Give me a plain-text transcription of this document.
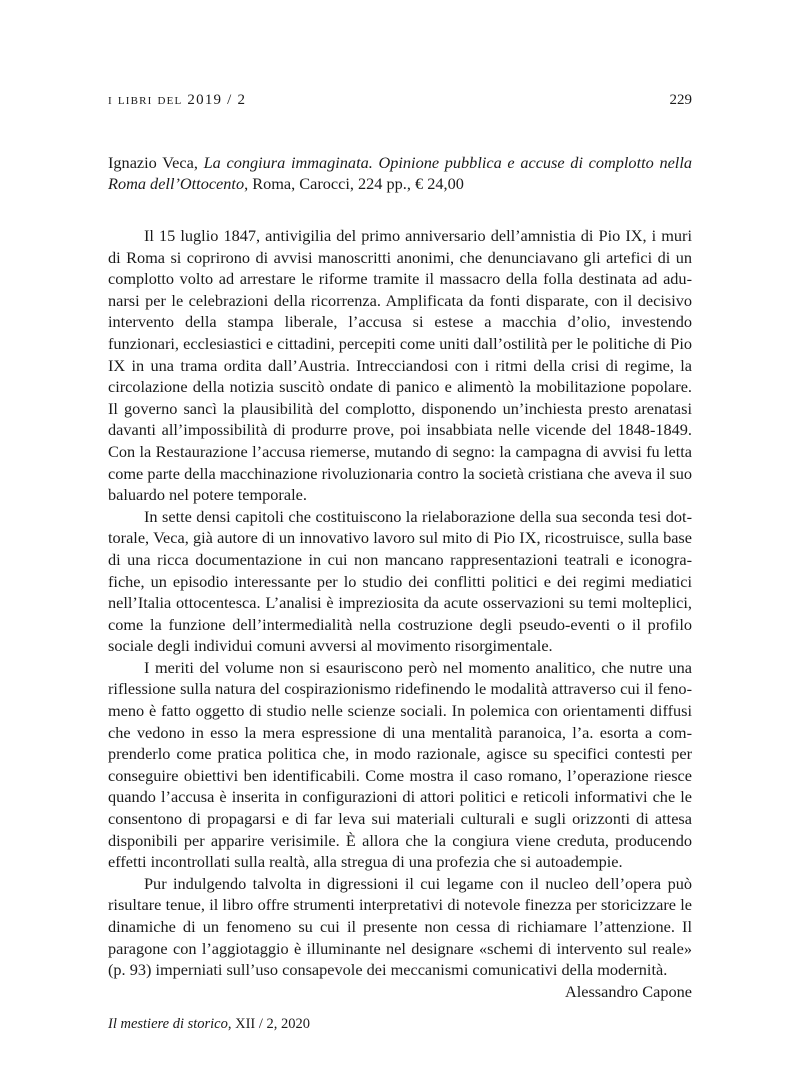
i libri del 2019 / 2	229
Ignazio Veca, La congiura immaginata. Opinione pubblica e accuse di complotto nella Roma dell’Ottocento, Roma, Carocci, 224 pp., € 24,00

Il 15 luglio 1847, antivigilia del primo anniversario dell’amnistia di Pio IX, i muri di Roma si coprirono di avvisi manoscritti anonimi, che denunciavano gli artefici di un complotto volto ad arrestare le riforme tramite il massacro della folla destinata ad adunarsi per le celebrazioni della ricorrenza. Amplificata da fonti disparate, con il decisivo intervento della stampa liberale, l’accusa si estese a macchia d’olio, investendo funzionari, ecclesiastici e cittadini, percepiti come uniti dall’ostilità per le politiche di Pio IX in una trama ordita dall’Austria. Intrecciandosi con i ritmi della crisi di regime, la circolazione della notizia suscitò ondate di panico e alimentò la mobilitazione popolare. Il governo sancì la plausibilità del complotto, disponendo un’inchiesta presto arenatasi davanti all’impossibilità di produrre prove, poi insabbiata nelle vicende del 1848-1849. Con la Restaurazione l’accusa riemerse, mutando di segno: la campagna di avvisi fu letta come parte della macchinazione rivoluzionaria contro la società cristiana che aveva il suo baluardo nel potere temporale.

In sette densi capitoli che costituiscono la rielaborazione della sua seconda tesi dottorale, Veca, già autore di un innovativo lavoro sul mito di Pio IX, ricostruisce, sulla base di una ricca documentazione in cui non mancano rappresentazioni teatrali e iconografiche, un episodio interessante per lo studio dei conflitti politici e dei regimi mediatici nell’Italia ottocentesca. L’analisi è impreziosita da acute osservazioni su temi molteplici, come la funzione dell’intermedialità nella costruzione degli pseudo-eventi o il profilo sociale degli individui comuni avversi al movimento risorgimentale.

I meriti del volume non si esauriscono però nel momento analitico, che nutre una riflessione sulla natura del cospirazionismo ridefinendo le modalità attraverso cui il fenomeno è fatto oggetto di studio nelle scienze sociali. In polemica con orientamenti diffusi che vedono in esso la mera espressione di una mentalità paranoica, l’a. esorta a comprenderlo come pratica politica che, in modo razionale, agisce su specifici contesti per conseguire obiettivi ben identificabili. Come mostra il caso romano, l’operazione riesce quando l’accusa è inserita in configurazioni di attori politici e reticoli informativi che le consentono di propagarsi e di far leva sui materiali culturali e sugli orizzonti di attesa disponibili per apparire verisimile. È allora che la congiura viene creduta, producendo effetti incontrollati sulla realtà, alla stregua di una profezia che si autoadempie.

Pur indulgendo talvolta in digressioni il cui legame con il nucleo dell’opera può risultare tenue, il libro offre strumenti interpretativi di notevole finezza per storicizzare le dinamiche di un fenomeno su cui il presente non cessa di richiamare l’attenzione. Il paragone con l’aggiotaggio è illuminante nel designare «schemi di intervento sul reale» (p. 93) imperniati sull’uso consapevole dei meccanismi comunicativi della modernità.

Alessandro Capone
Il mestiere di storico, XII / 2, 2020
